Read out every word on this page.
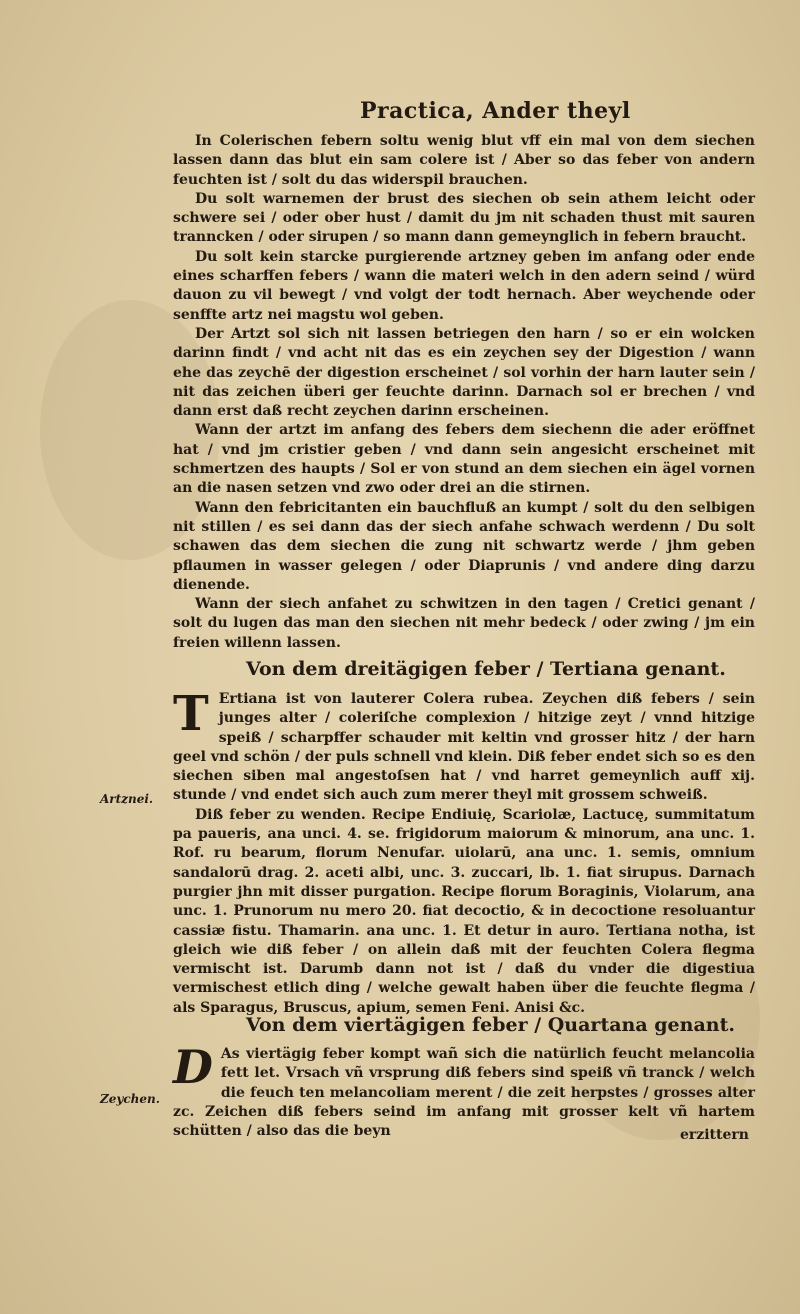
Practica, Ander theyl

In Colerischen febern soltu wenig blut vff ein mal von dem siechen lassen dann das blut ein sam colere ist / Aber so das feber von andern feuchten ist / solt du das widerspil brauchen.

Du solt warnemen der brust des siechen ob sein athem leicht oder schwere sei / oder ober hust / damit du jm nit schaden thust mit sauren tranncken / oder sirupen / so mann dann gemeynglich in febern braucht.

Du solt kein starcke purgierende artzney geben im anfang oder ende eines scharffen febers / wann die materi welch in den adern seind / würd dauon zu vil bewegt / vnd volgt der todt hernach. Aber weychende oder senffte artz nei magstu wol geben.

Der Artzt sol sich nit lassen betriegen den harn / so er ein wolcken darinn findt / vnd acht nit das es ein zeychen sey der Digestion / wann ehe das zeychē der digestion erscheinet / sol vorhin der harn lauter sein / nit das zeichen überi ger feuchte darinn. Darnach sol er brechen / vnd dann erst daß recht zeychen darinn erscheinen.

Wann der artzt im anfang des febers dem siechenn die ader eröffnet hat / vnd jm cristier geben / vnd dann sein angesicht erscheinet mit schmertzen des haupts / Sol er von stund an dem siechen ein ägel vornen an die nasen setzen vnd zwo oder drei an die stirnen.

Wann den febricitanten ein bauchfluß an kumpt / solt du den selbigen nit stillen / es sei dann das der siech anfahe schwach werdenn / Du solt schawen das dem siechen die zung nit schwartz werde / jhm geben pflaumen in wasser gelegen / oder Diaprunis / vnd andere ding darzu dienende.

Wann der siech anfahet zu schwitzen in den tagen / Cretici genant / solt du lugen das man den siechen nit mehr bedeck / oder zwing / jm ein freien willenn lassen.

Von dem dreitägigen feber / Tertiana genant.
T Ertiana ist von lauterer Colera rubea. Zeychen diß febers / sein junges alter / coleriſche complexion / hitzige zeyt / vnnd hitzige speiß / scharpffer schauder mit keltin vnd grosser hitz / der harn geel vnd schön / der puls schnell vnd klein. Diß feber endet sich so es den siechen siben mal angestoſsen hat / vnd harret gemeynlich auff xij. stunde / vnd endet sich auch zum merer theyl mit grossem schweiß.

Diß feber zu wenden. Recipe Endiuię, Scariolæ, Lactucę, summitatum pa paueris, ana unci. 4. se. frigidorum maiorum & minorum, ana unc. 1. Rof. ru bearum, florum Nenufar. uiolarū, ana unc. 1. semis, omnium sandalorū drag. 2. aceti albi, unc. 3. zuccari, lb. 1. fiat sirupus. Darnach purgier jhn mit disser purgation. Recipe florum Boraginis, Violarum, ana unc. 1. Prunorum nu mero 20. fiat decoctio, & in decoctione resoluantur cassiæ fistu. Thamarin. ana unc. 1. Et detur in auro. Tertiana notha, ist gleich wie diß feber / on allein daß mit der feuchten Colera flegma vermischt ist. Darumb dann not ist / daß du vnder die digestiua vermischest etlich ding / welche gewalt haben über die feuchte flegma / als Sparagus, Bruscus, apium, semen Feni. Anisi &c.

Artznei.
Von dem viertägigen feber / Quartana genant.
D As viertägig feber kompt wañ sich die natürlich feucht melancolia fett let. Vrsach vñ vrsprung diß febers sind speiß vñ tranck / welch die feuch ten melancoliam merent / die zeit herpstes / grosses alter zc. Zeichen diß febers seind im anfang mit grosser kelt vñ hartem schütten / also das die beyn
Zeychen.
erzittern
